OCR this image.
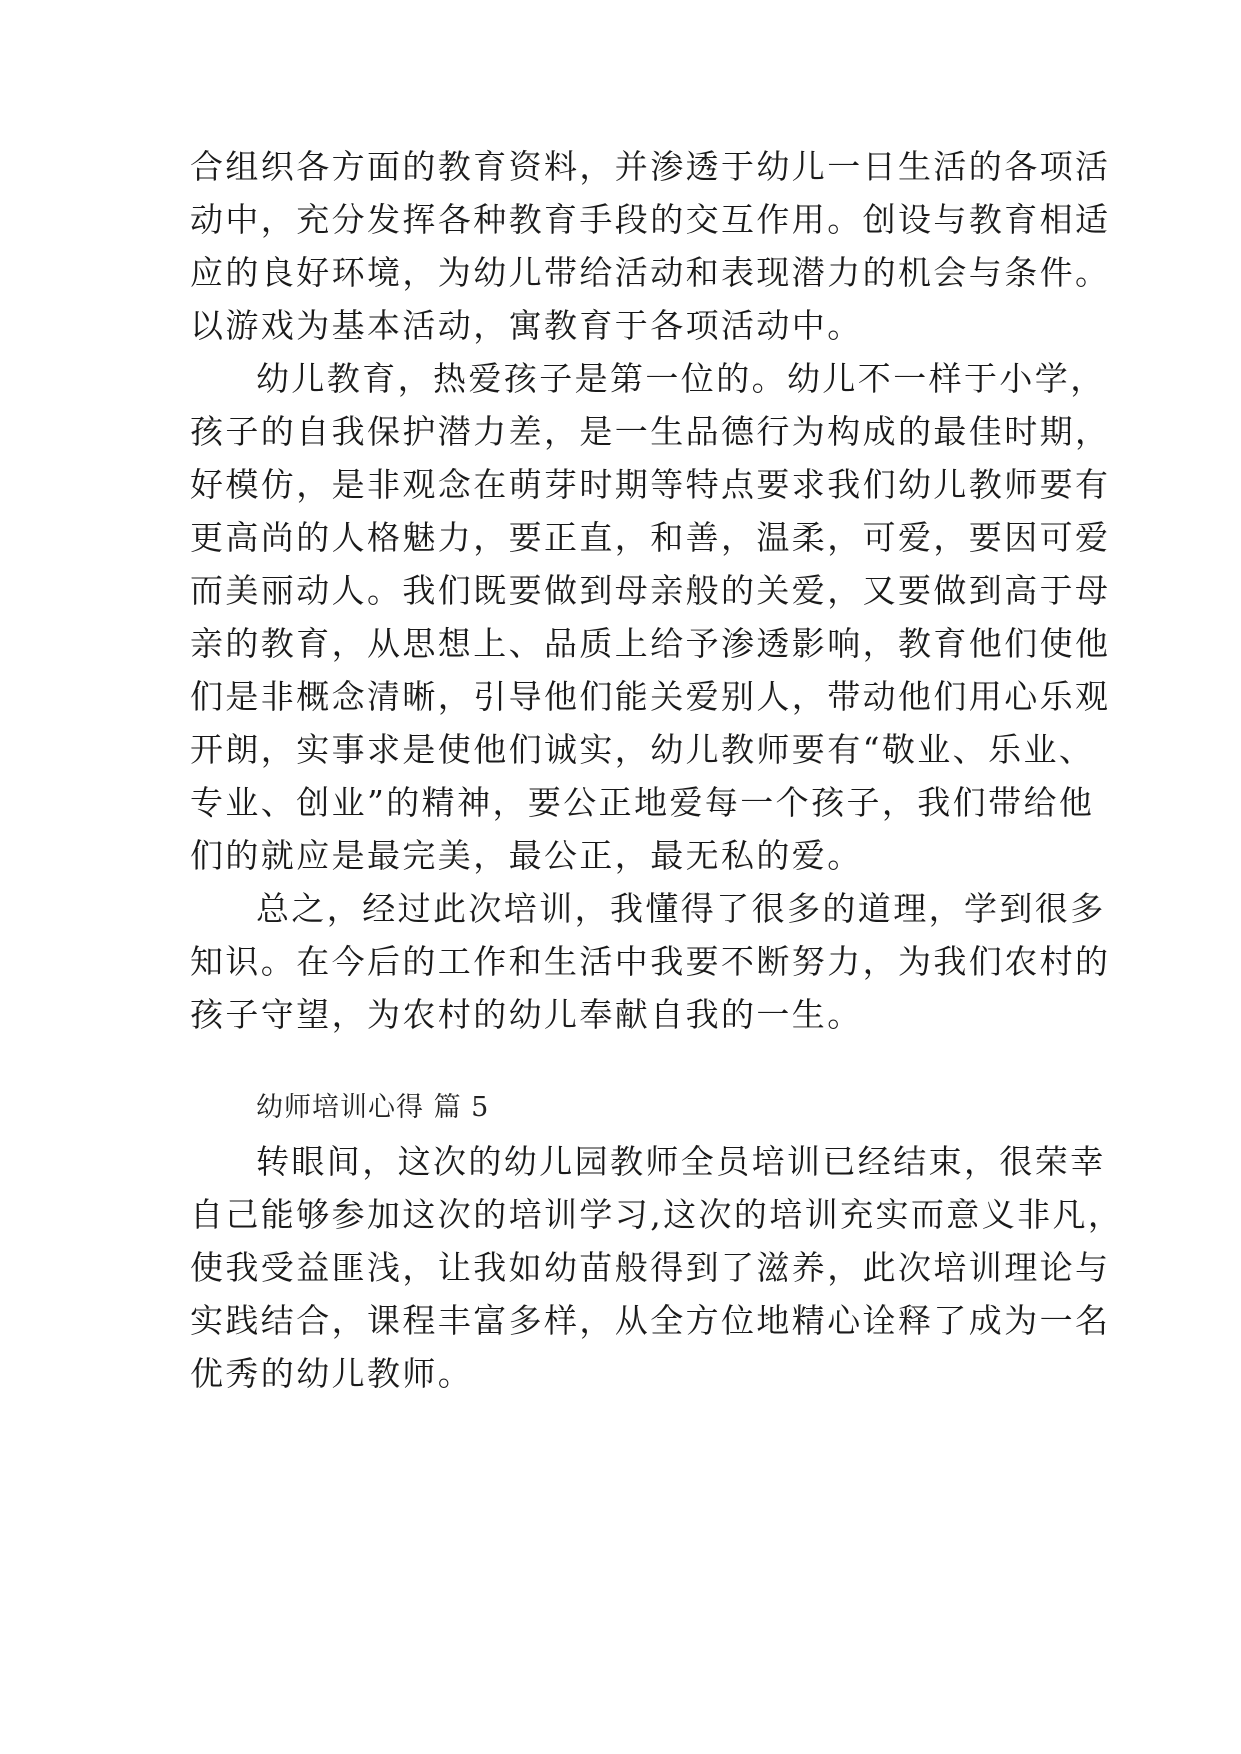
合组织各方面的教育资料，并渗透于幼儿一日生活的各项活
动中，充分发挥各种教育手段的交互作用。创设与教育相适
应的良好环境，为幼儿带给活动和表现潜力的机会与条件。
以游戏为基本活动，寓教育于各项活动中。
幼儿教育，热爱孩子是第一位的。幼儿不一样于小学，
孩子的自我保护潜力差，是一生品德行为构成的最佳时期，
好模仿，是非观念在萌芽时期等特点要求我们幼儿教师要有
更高尚的人格魅力，要正直，和善，温柔，可爱，要因可爱
而美丽动人。我们既要做到母亲般的关爱，又要做到高于母
亲的教育，从思想上、品质上给予渗透影响，教育他们使他
们是非概念清晰，引导他们能关爱别人，带动他们用心乐观
开朗，实事求是使他们诚实，幼儿教师要有“敬业、乐业、
专业、创业”的精神，要公正地爱每一个孩子，我们带给他
们的就应是最完美，最公正，最无私的爱。
总之，经过此次培训，我懂得了很多的道理，学到很多
知识。在今后的工作和生活中我要不断努力，为我们农村的
孩子守望，为农村的幼儿奉献自我的一生。
幼师培训心得 篇 5
转眼间，这次的幼儿园教师全员培训已经结束，很荣幸
自己能够参加这次的培训学习,这次的培训充实而意义非凡，
使我受益匪浅，让我如幼苗般得到了滋养，此次培训理论与
实践结合，课程丰富多样，从全方位地精心诠释了成为一名
优秀的幼儿教师。
